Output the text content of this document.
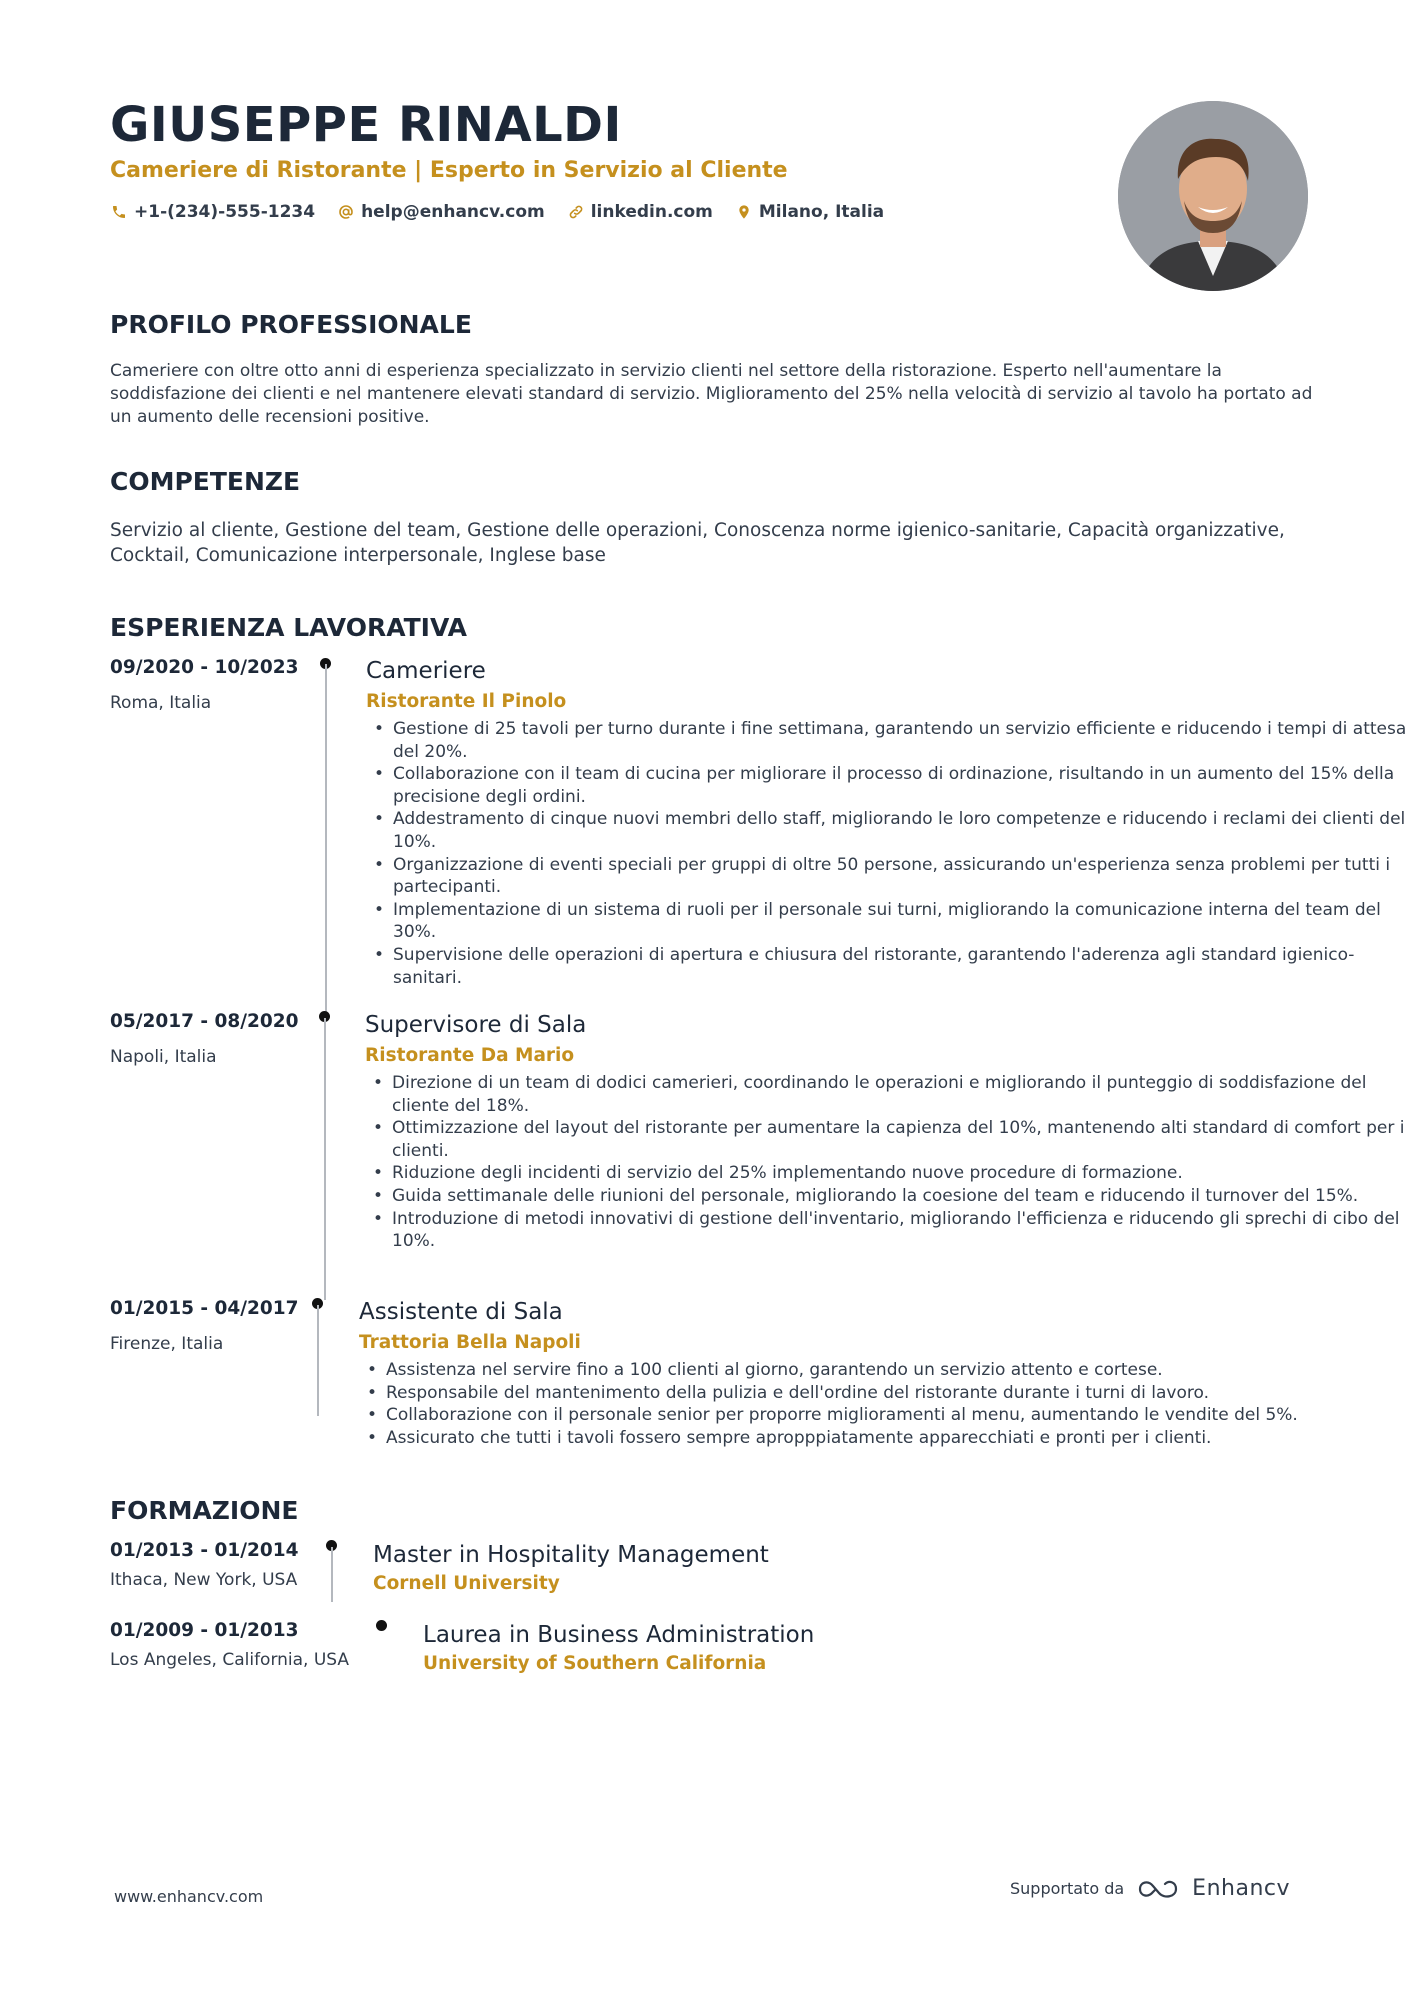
GIUSEPPE RINALDI
Cameriere di Ristorante | Esperto in Servizio al Cliente
+1-(234)-555-1234	help@enhancv.com	linkedin.com	Milano, Italia
PROFILO PROFESSIONALE
Cameriere con oltre otto anni di esperienza specializzato in servizio clienti nel settore della ristorazione. Esperto nell'aumentare la soddisfazione dei clienti e nel mantenere elevati standard di servizio. Miglioramento del 25% nella velocità di servizio al tavolo ha portato ad un aumento delle recensioni positive.
COMPETENZE
Servizio al cliente, Gestione del team, Gestione delle operazioni, Conoscenza norme igienico-sanitarie, Capacità organizzative, Cocktail, Comunicazione interpersonale, Inglese base
ESPERIENZA LAVORATIVA
09/2020 - 10/2023
Roma, Italia
Cameriere
Ristorante Il Pinolo
• Gestione di 25 tavoli per turno durante i fine settimana, garantendo un servizio efficiente e riducendo i tempi di attesa del 20%.
• Collaborazione con il team di cucina per migliorare il processo di ordinazione, risultando in un aumento del 15% della precisione degli ordini.
• Addestramento di cinque nuovi membri dello staff, migliorando le loro competenze e riducendo i reclami dei clienti del 10%.
• Organizzazione di eventi speciali per gruppi di oltre 50 persone, assicurando un'esperienza senza problemi per tutti i partecipanti.
• Implementazione di un sistema di ruoli per il personale sui turni, migliorando la comunicazione interna del team del 30%.
• Supervisione delle operazioni di apertura e chiusura del ristorante, garantendo l'aderenza agli standard igienico-sanitari.
05/2017 - 08/2020
Napoli, Italia
Supervisore di Sala
Ristorante Da Mario
• Direzione di un team di dodici camerieri, coordinando le operazioni e migliorando il punteggio di soddisfazione del cliente del 18%.
• Ottimizzazione del layout del ristorante per aumentare la capienza del 10%, mantenendo alti standard di comfort per i clienti.
• Riduzione degli incidenti di servizio del 25% implementando nuove procedure di formazione.
• Guida settimanale delle riunioni del personale, migliorando la coesione del team e riducendo il turnover del 15%.
• Introduzione di metodi innovativi di gestione dell'inventario, migliorando l'efficienza e riducendo gli sprechi di cibo del 10%.
01/2015 - 04/2017
Firenze, Italia
Assistente di Sala
Trattoria Bella Napoli
• Assistenza nel servire fino a 100 clienti al giorno, garantendo un servizio attento e cortese.
• Responsabile del mantenimento della pulizia e dell'ordine del ristorante durante i turni di lavoro.
• Collaborazione con il personale senior per proporre miglioramenti al menu, aumentando le vendite del 5%.
• Assicurato che tutti i tavoli fossero sempre apropppiatamente apparecchiati e pronti per i clienti.
FORMAZIONE
01/2013 - 01/2014
Ithaca, New York, USA
Master in Hospitality Management
Cornell University
01/2009 - 01/2013
Los Angeles, California, USA
Laurea in Business Administration
University of Southern California
www.enhancv.com	Supportato da	Enhancv
